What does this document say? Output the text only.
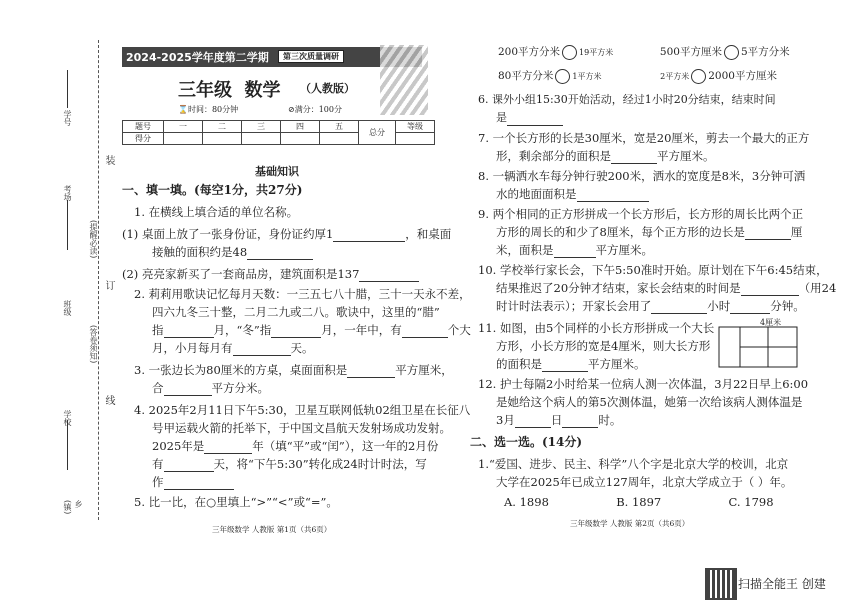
学号
考场
班级
学校
乡(镇)
(提醒必读)
(答卷须知)
装
订
线
2024-2025学年度第二学期	第三次质量调研
三年级  数学 （人教版）
⌛时间：80分钟	⊘满分：100分
题号	一	二	三	四	五	总分	等级
得分							
基础知识
一、填一填。(每空1分，共27分)
1. 在横线上填合适的单位名称。
(1) 桌面上放了一张身份证，身份证约厚1	，和桌面
接触的面积约是48
(2) 亮亮家新买了一套商品房，建筑面积是137
2. 莉莉用歌诀记忆每月天数：一三五七八十腊，三十一天永不差，
四六九冬三十整，二月二九或二八。歌诀中，这里的“腊”
指	月，“冬”指	月，一年中，有	个大
月，小月每月有	天。
3. 一张边长为80厘米的方桌，桌面面积是	平方厘米，
合	平方分米。
4. 2025年2月11日下午5:30，卫星互联网低轨02组卫星在长征八
号甲运载火箭的托举下，于中国文昌航天发射场成功发射。
2025年是	年（填“平”或“闰”），这一年的2月份
有	天，将“下午5:30”转化成24时计时法，写
作
5. 比一比，在○里填上“>”“<”或“=”。
三年级数学 人教版 第1页（共6页）
200平方分米 19平方米	500平方厘米 5平方分米
80平方分米 1平方米	2平方米 2000平方厘米
6. 课外小组15:30开始活动，经过1小时20分结束，结束时间
是
7. 一个长方形的长是30厘米，宽是20厘米，剪去一个最大的正方
形，剩余部分的面积是	平方厘米。
8. 一辆洒水车每分钟行驶200米，洒水的宽度是8米，3分钟可洒
水的地面面积是
9. 两个相同的正方形拼成一个长方形后，长方形的周长比两个正
方形的周长的和少了8厘米，每个正方形的边长是	厘
米，面积是	平方厘米。
10. 学校举行家长会，下午5:50准时开始。原计划在下午6:45结束，
结果推迟了20分钟才结束，家长会结束的时间是	（用24
时计时法表示）；开家长会用了	小时	分钟。
11. 如图，由5个同样的小长方形拼成一个大长
方形，小长方形的宽是4厘米，则大长方形
的面积是	平方厘米。
4厘米
12. 护士每隔2小时给某一位病人测一次体温，3月22日早上6:00
是她给这个病人的第5次测体温，她第一次给该病人测体温是
3月	日	时。
二、选一选。(14分)
1.“爱国、进步、民主、科学”八个字是北京大学的校训，北京
大学在2025年已成立127周年，北京大学成立于（ ）年。
A. 1898	B. 1897	C. 1798
三年级数学 人教版 第2页（共6页）
扫描全能王 创建
